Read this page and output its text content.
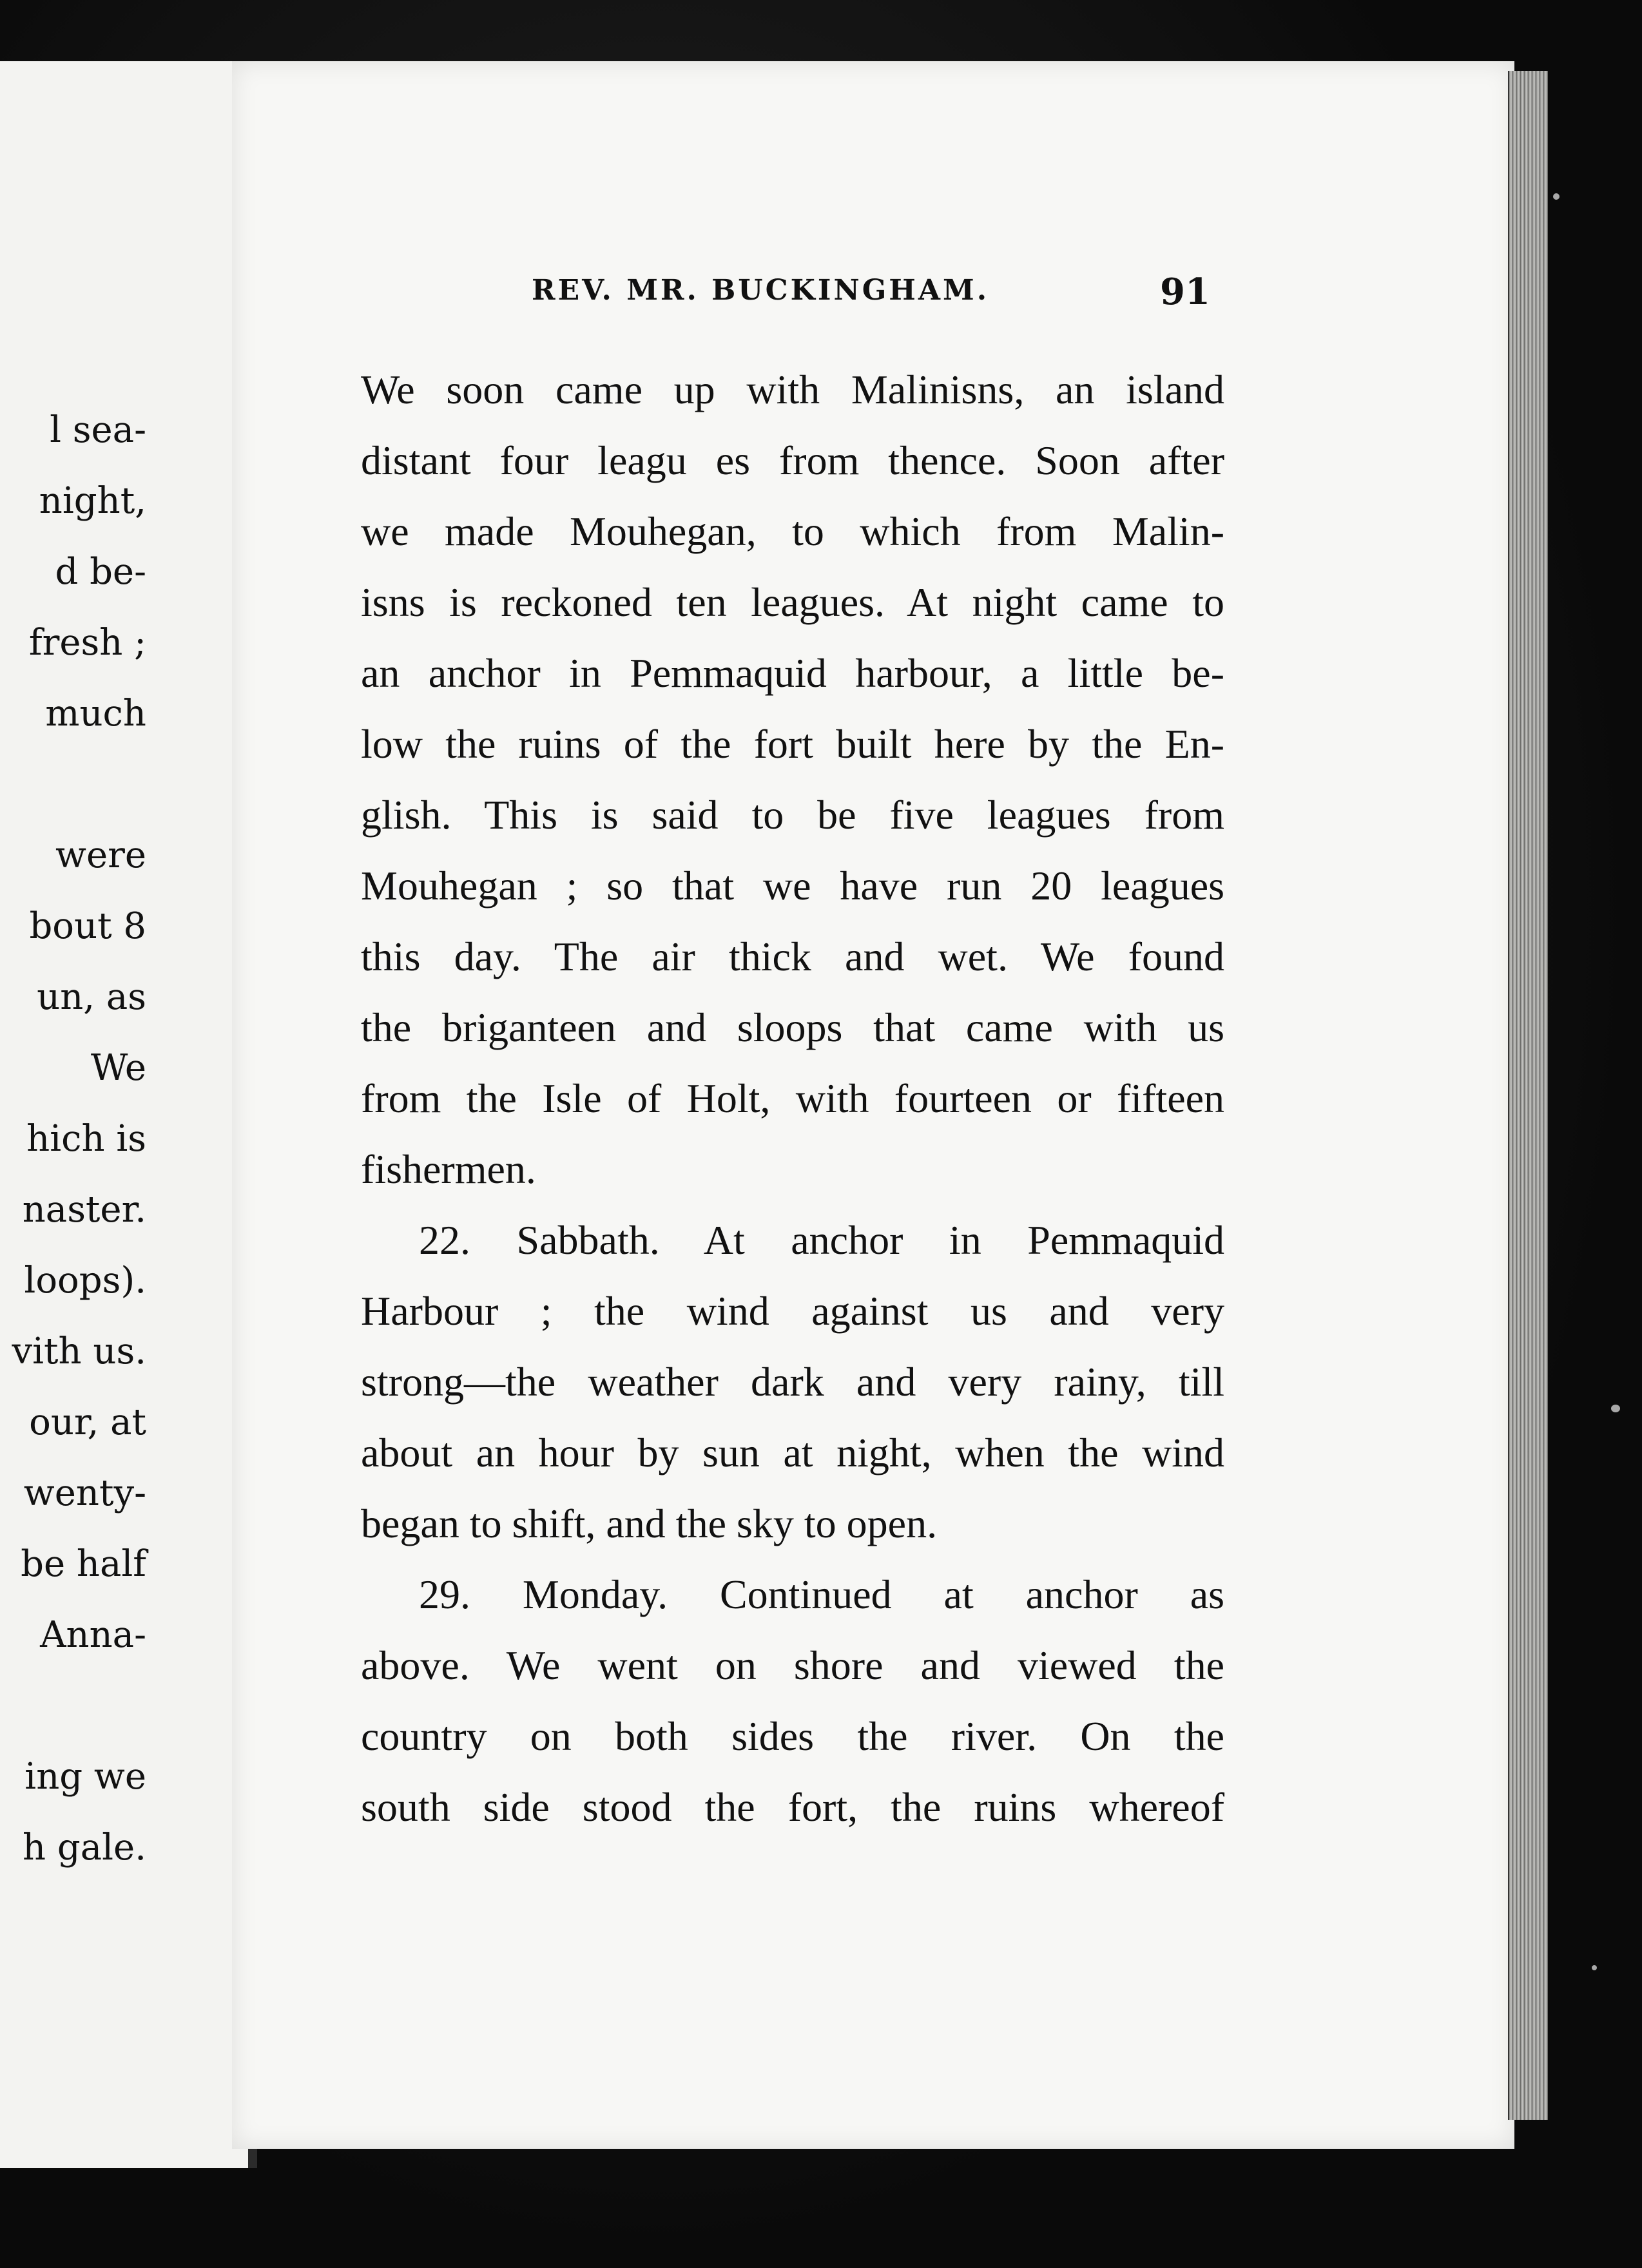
l sea-
night,
d be-
fresh ;
much
were
bout 8
un, as
We
hich is
naster.
loops).
vith us.
our, at
wenty-
be half
Anna-
ing we
h gale.
REV. MR. BUCKINGHAM.	91
We soon came up with Malinisns, an island
distant four leagu es from thence. Soon after
we made Mouhegan, to which from Malin-
isns is reckoned ten leagues. At night came to
an anchor in Pemmaquid harbour, a little be-
low the ruins of the fort built here by the En-
glish. This is said to be five leagues from
Mouhegan ; so that we have run 20 leagues
this day. The air thick and wet. We found
the briganteen and sloops that came with us
from the Isle of Holt, with fourteen or fifteen
fishermen.
22. Sabbath. At anchor in Pemmaquid
Harbour ; the wind against us and very
strong—the weather dark and very rainy, till
about an hour by sun at night, when the wind
began to shift, and the sky to open.
29. Monday. Continued at anchor as
above. We went on shore and viewed the
country on both sides the river. On the
south side stood the fort, the ruins whereof
